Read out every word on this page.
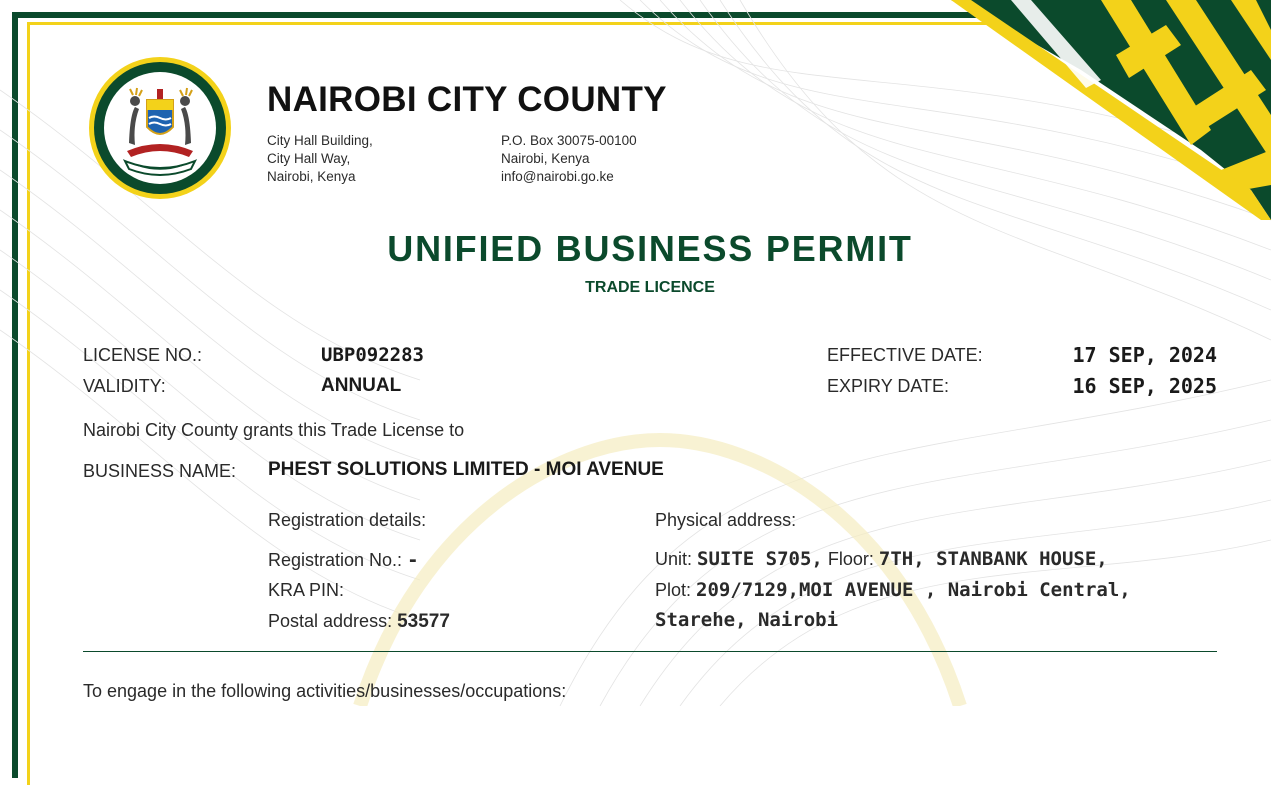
NAIROBI CITY COUNTY
City Hall Building,
City Hall Way,
Nairobi, Kenya
P.O. Box 30075-00100
Nairobi, Kenya
info@nairobi.go.ke
UNIFIED BUSINESS PERMIT
TRADE LICENCE
LICENSE NO.:	UBP092283
VALIDITY:	ANNUAL
EFFECTIVE DATE:	17 SEP, 2024
EXPIRY DATE:	16 SEP, 2025
Nairobi City County grants this Trade License to
BUSINESS NAME: PHEST SOLUTIONS LIMITED - MOI AVENUE
Registration details:
Registration No.: -
KRA PIN:
Postal address: 53577
Physical address:
Unit: SUITE S705, Floor: 7TH, STANBANK HOUSE,
Plot: 209/7129,MOI AVENUE , Nairobi Central,
Starehe, Nairobi
To engage in the following activities/businesses/occupations:
